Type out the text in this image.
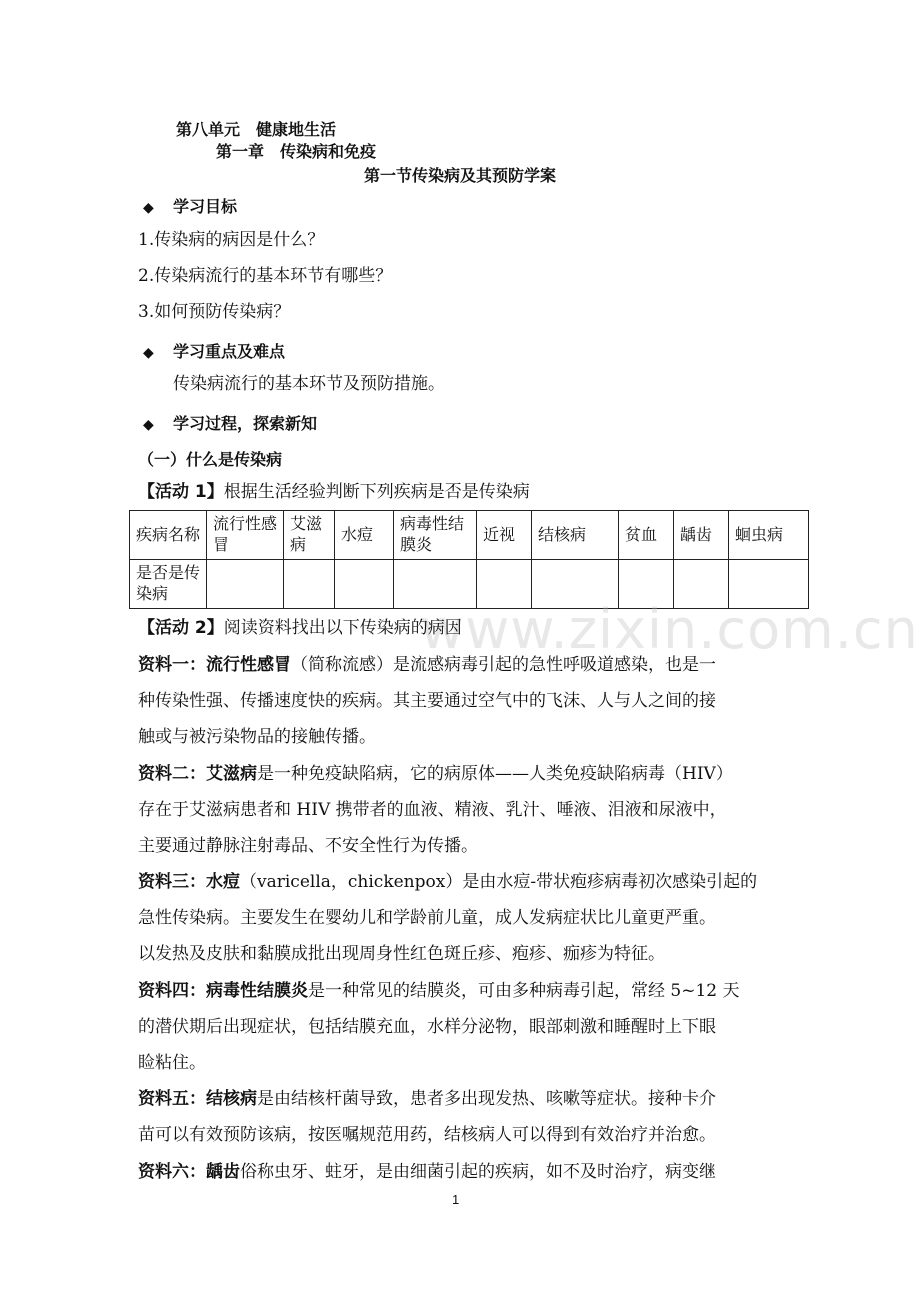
第八单元　健康地生活
第一章　传染病和免疫
第一节传染病及其预防学案
◆ 学习目标
1.传染病的病因是什么？
2.传染病流行的基本环节有哪些？
3.如何预防传染病？
◆ 学习重点及难点
传染病流行的基本环节及预防措施。
◆ 学习过程，探索新知
（一）什么是传染病
【活动 1】根据生活经验判断下列疾病是否是传染病
疾病名称	流行性感冒	艾滋病	水痘	病毒性结膜炎	近视	结核病	贫血	龋齿	蛔虫病
是否是传染病									
www.zixin.com.cn
【活动 2】阅读资料找出以下传染病的病因
资料一：流行性感冒（简称流感）是流感病毒引起的急性呼吸道感染，也是一
种传染性强、传播速度快的疾病。其主要通过空气中的飞沫、人与人之间的接
触或与被污染物品的接触传播。
资料二：艾滋病是一种免疫缺陷病，它的病原体——人类免疫缺陷病毒（HIV）
存在于艾滋病患者和 HIV 携带者的血液、精液、乳汁、唾液、泪液和尿液中，
主要通过静脉注射毒品、不安全性行为传播。
资料三：水痘（varicella，chickenpox）是由水痘-带状疱疹病毒初次感染引起的
急性传染病。主要发生在婴幼儿和学龄前儿童，成人发病症状比儿童更严重。
以发热及皮肤和黏膜成批出现周身性红色斑丘疹、疱疹、痂疹为特征。
资料四：病毒性结膜炎是一种常见的结膜炎，可由多种病毒引起，常经 5~12 天
的潜伏期后出现症状，包括结膜充血，水样分泌物，眼部刺激和睡醒时上下眼
睑粘住。
资料五：结核病是由结核杆菌导致，患者多出现发热、咳嗽等症状。接种卡介
苗可以有效预防该病，按医嘱规范用药，结核病人可以得到有效治疗并治愈。
资料六：龋齿俗称虫牙、蛀牙，是由细菌引起的疾病，如不及时治疗，病变继
1
